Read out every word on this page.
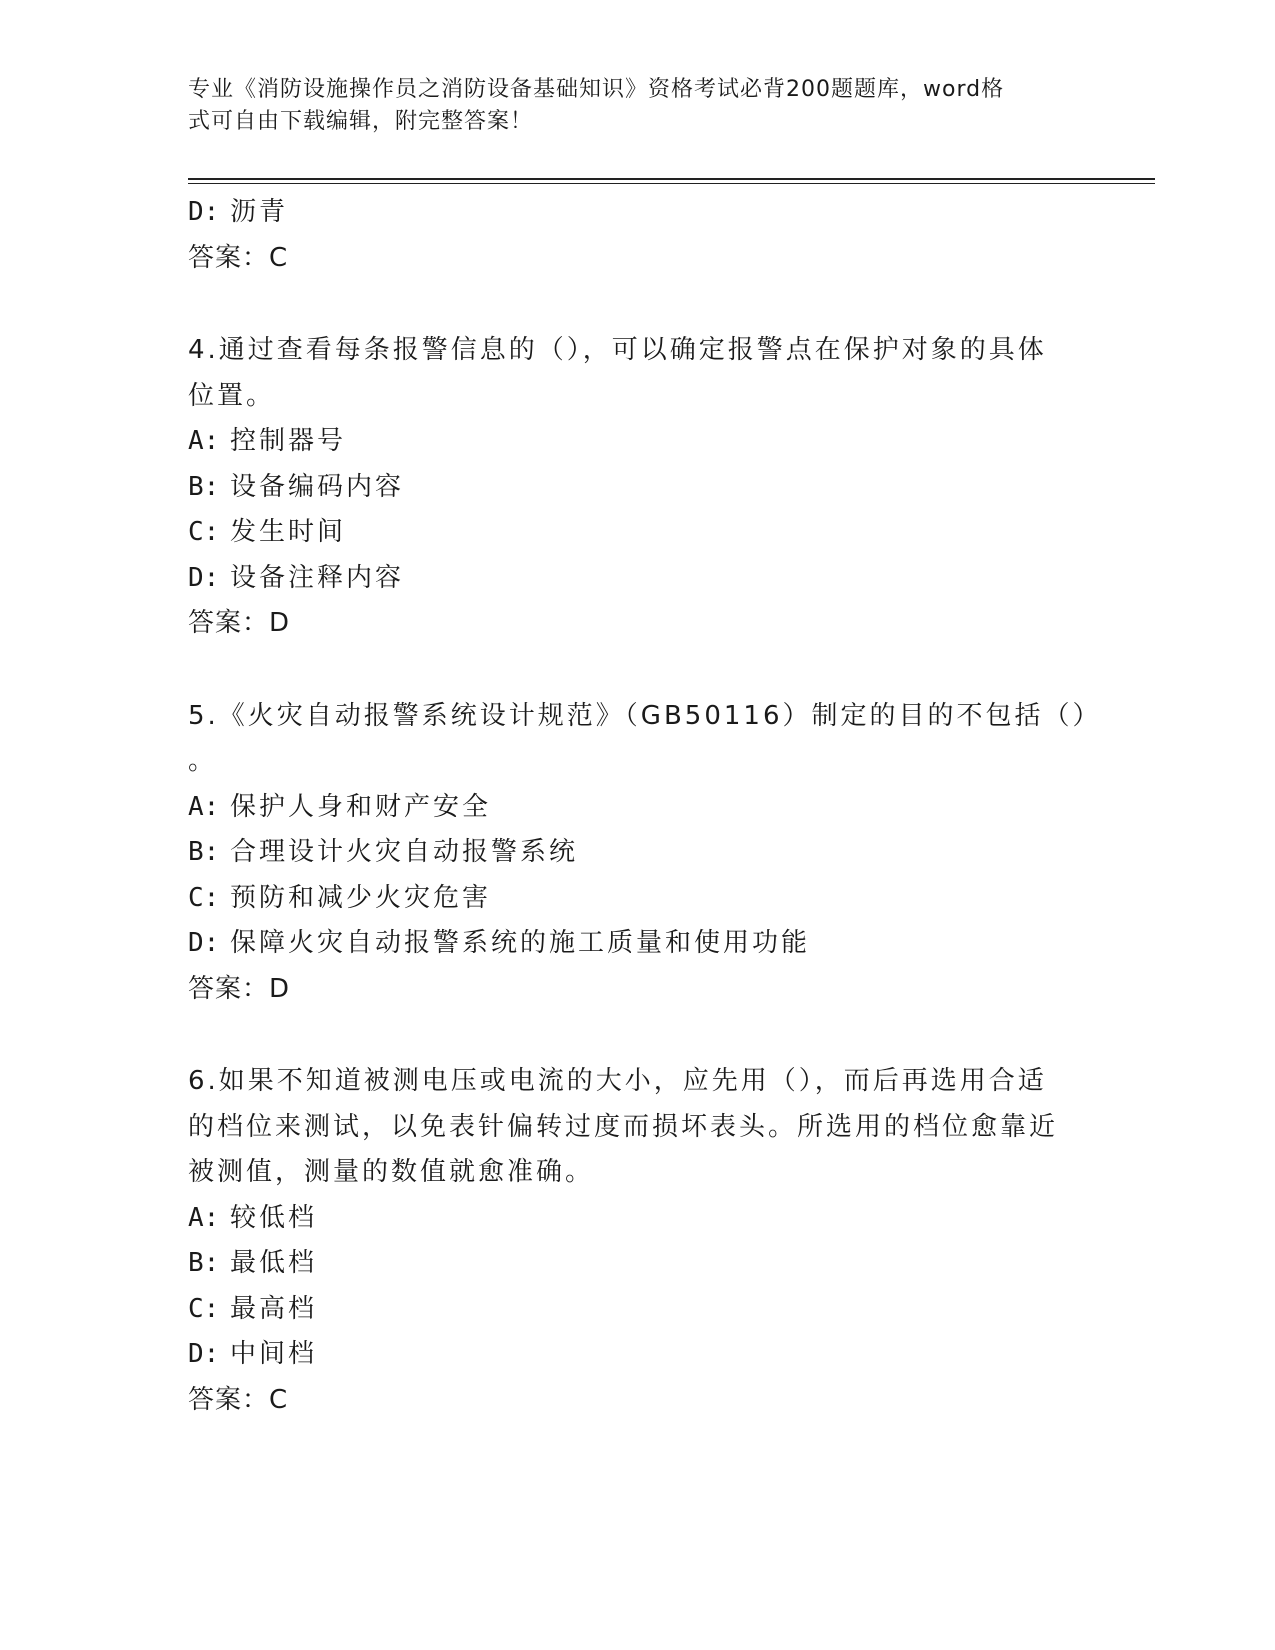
专业《消防设施操作员之消防设备基础知识》资格考试必背200题题库，word格
式可自由下载编辑，附完整答案！
D: 沥青
答案：C
4.通过查看每条报警信息的（），可以确定报警点在保护对象的具体
位置。
A: 控制器号
B: 设备编码内容
C: 发生时间
D: 设备注释内容
答案：D
5.《火灾自动报警系统设计规范》（GB50116）制定的目的不包括（）
。
A: 保护人身和财产安全
B: 合理设计火灾自动报警系统
C: 预防和减少火灾危害
D: 保障火灾自动报警系统的施工质量和使用功能
答案：D
6.如果不知道被测电压或电流的大小，应先用（），而后再选用合适
的档位来测试，以免表针偏转过度而损坏表头。所选用的档位愈靠近
被测值，测量的数值就愈准确。
A: 较低档
B: 最低档
C: 最高档
D: 中间档
答案：C
